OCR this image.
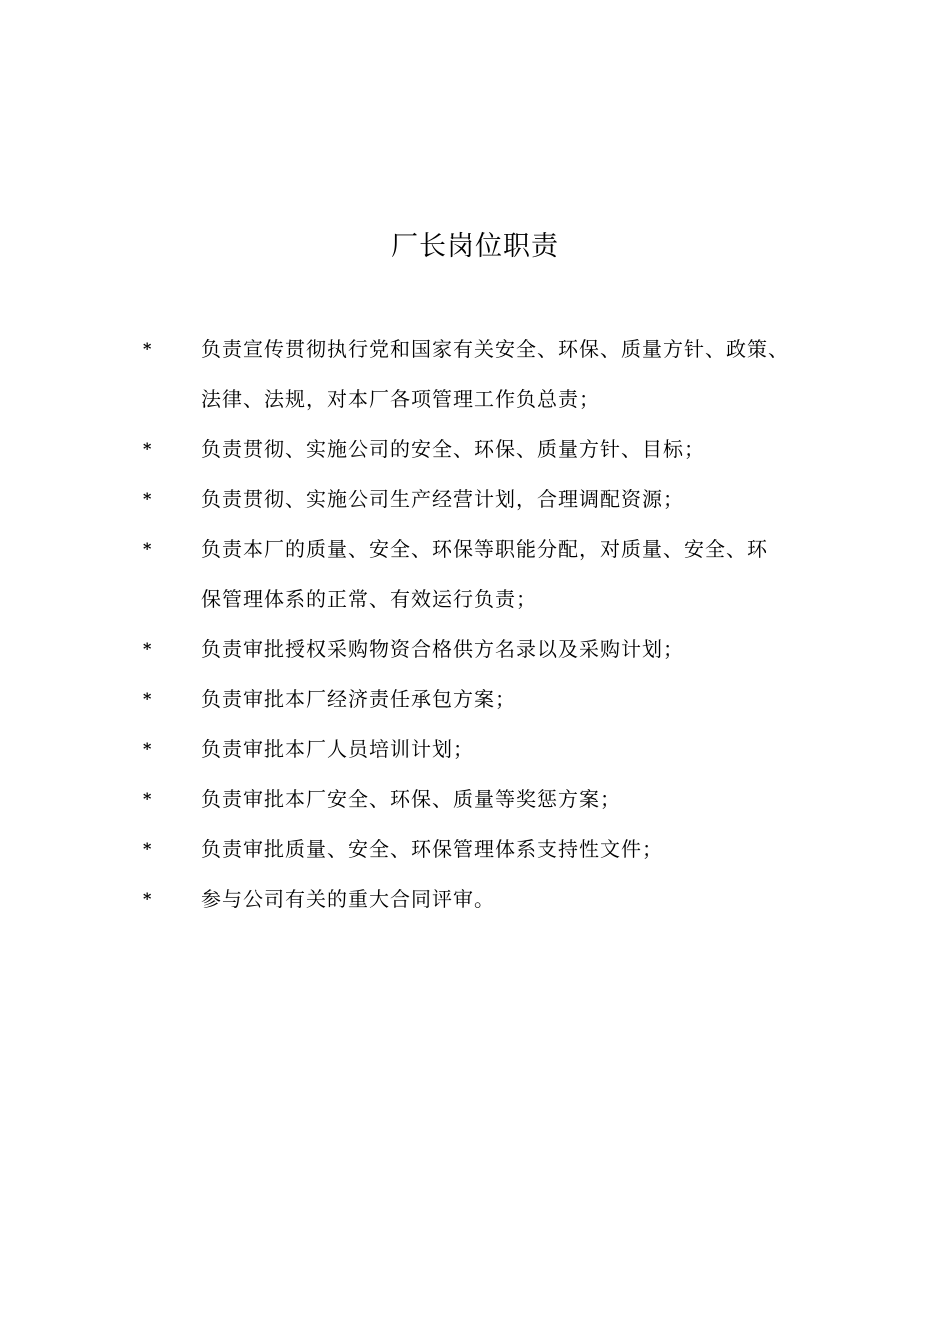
厂长岗位职责
*	负责宣传贯彻执行党和国家有关安全、环保、质量方针、政策、
法律、法规，对本厂各项管理工作负总责；
*	负责贯彻、实施公司的安全、环保、质量方针、目标；
*	负责贯彻、实施公司生产经营计划，合理调配资源；
*	负责本厂的质量、安全、环保等职能分配，对质量、安全、环
保管理体系的正常、有效运行负责；
*	负责审批授权采购物资合格供方名录以及采购计划；
*	负责审批本厂经济责任承包方案；
*	负责审批本厂人员培训计划；
*	负责审批本厂安全、环保、质量等奖惩方案；
*	负责审批质量、安全、环保管理体系支持性文件；
*	参与公司有关的重大合同评审。
